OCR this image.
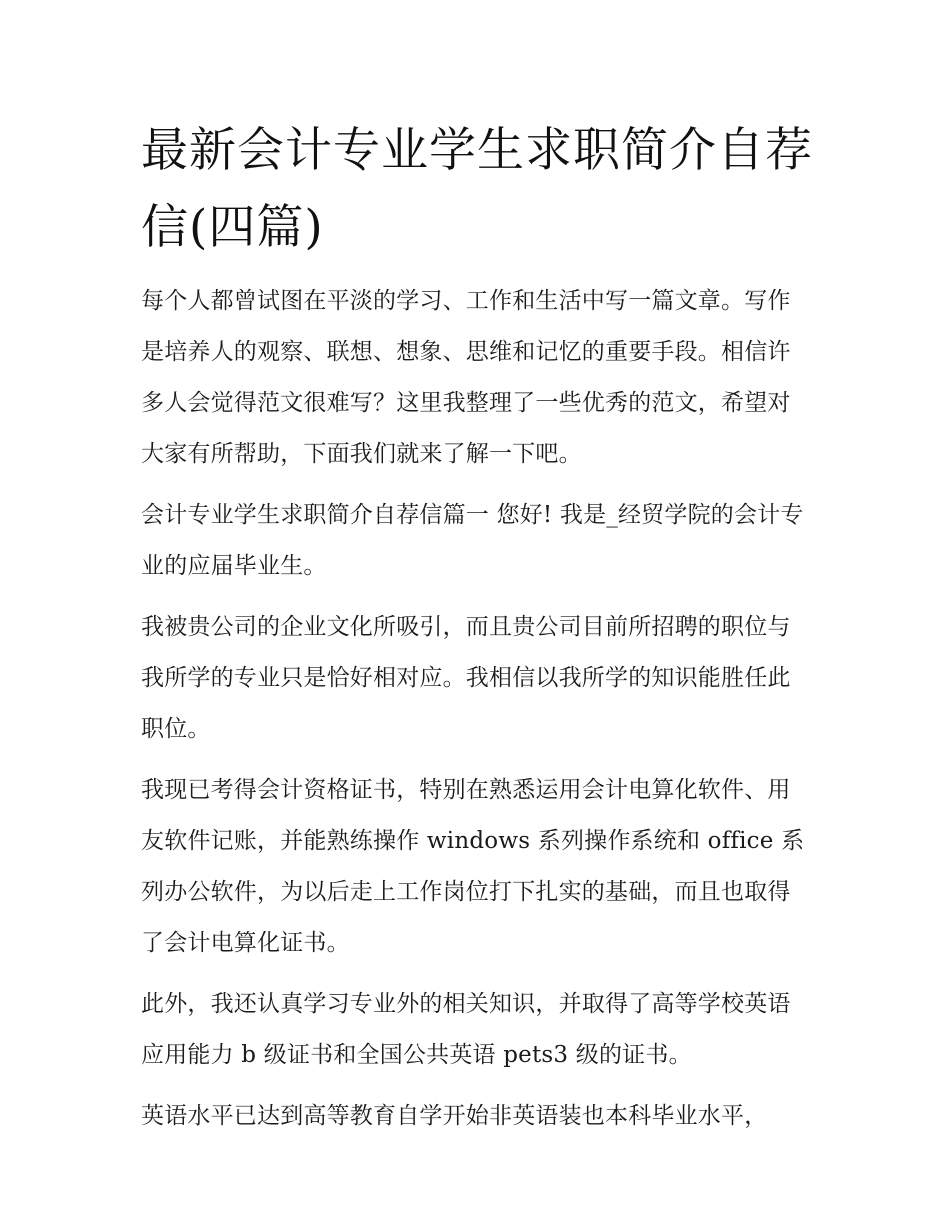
最新会计专业学生求职简介自荐信(四篇)

每个人都曾试图在平淡的学习、工作和生活中写一篇文章。写作是培养人的观察、联想、想象、思维和记忆的重要手段。相信许多人会觉得范文很难写？这里我整理了一些优秀的范文，希望对大家有所帮助，下面我们就来了解一下吧。

会计专业学生求职简介自荐信篇一 您好! 我是_经贸学院的会计专业的应届毕业生。

我被贵公司的企业文化所吸引，而且贵公司目前所招聘的职位与我所学的专业只是恰好相对应。我相信以我所学的知识能胜任此职位。

我现已考得会计资格证书，特别在熟悉运用会计电算化软件、用友软件记账，并能熟练操作 windows 系列操作系统和 office 系列办公软件，为以后走上工作岗位打下扎实的基础，而且也取得了会计电算化证书。

此外，我还认真学习专业外的相关知识，并取得了高等学校英语应用能力 b 级证书和全国公共英语 pets3 级的证书。

英语水平已达到高等教育自学开始非英语装也本科毕业水平，
